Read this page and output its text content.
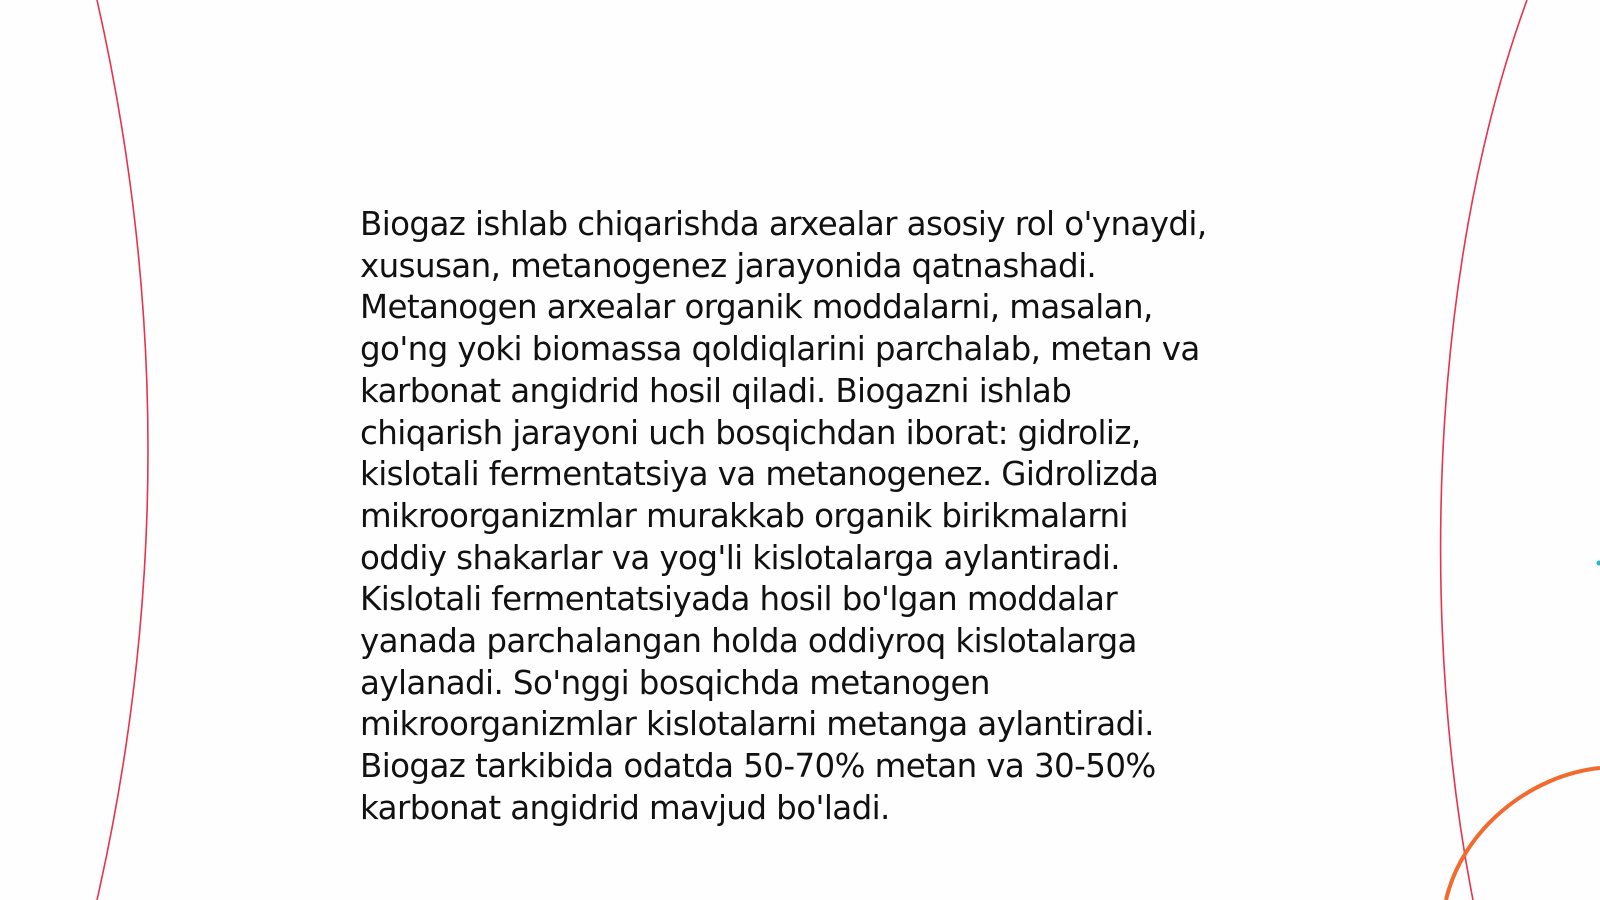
Biogaz ishlab chiqarishda arxealar asosiy rol o'ynaydi,
xususan, metanogenez jarayonida qatnashadi.
Metanogen arxealar organik moddalarni, masalan,
go'ng yoki biomassa qoldiqlarini parchalab, metan va
karbonat angidrid hosil qiladi. Biogazni ishlab
chiqarish jarayoni uch bosqichdan iborat: gidroliz,
kislotali fermentatsiya va metanogenez. Gidrolizda
mikroorganizmlar murakkab organik birikmalarni
oddiy shakarlar va yog'li kislotalarga aylantiradi.
Kislotali fermentatsiyada hosil bo'lgan moddalar
yanada parchalangan holda oddiyroq kislotalarga
aylanadi. So'nggi bosqichda metanogen
mikroorganizmlar kislotalarni metanga aylantiradi.
Biogaz tarkibida odatda 50-70% metan va 30-50%
karbonat angidrid mavjud bo'ladi.
